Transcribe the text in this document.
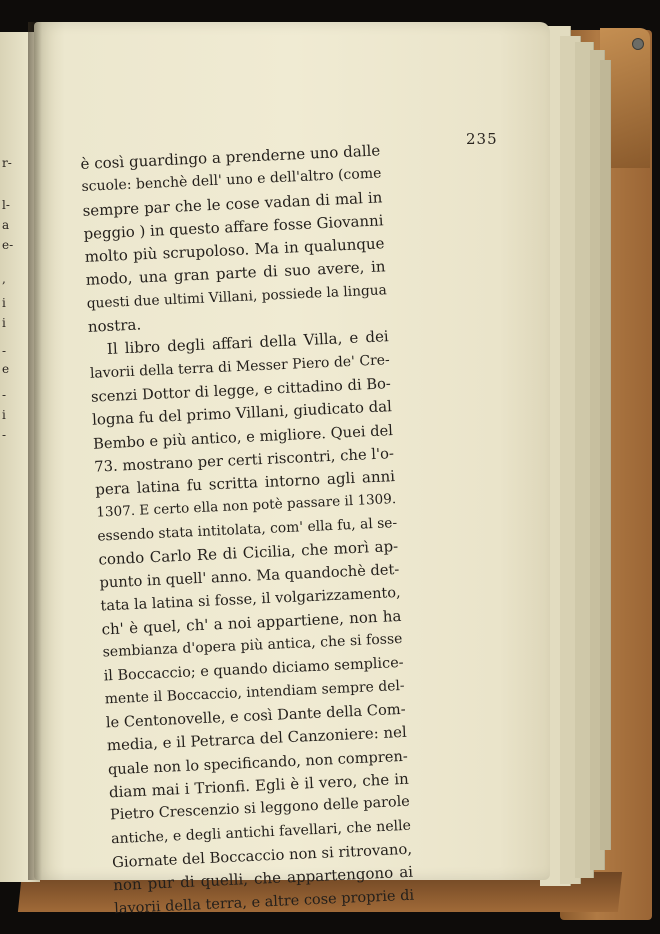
r-
l-
a
e-
,
i
i
-
e
-
i
-
235
è così guardingo a prenderne uno dalle
scuole: benchè dell' uno e dell'altro (come
sempre par che le cose vadan di mal in
peggio ) in questo affare fosse Giovanni
molto più scrupoloso. Ma in qualunque
modo, una gran parte di suo avere, in
questi due ultimi Villani, possiede la lingua
nostra.
Il libro degli affari della Villa, e dei
lavorii della terra di Messer Piero de' Cre-
scenzi Dottor di legge, e cittadino di Bo-
logna fu del primo Villani, giudicato dal
Bembo e più antico, e migliore. Quei del
73. mostrano per certi riscontri, che l'o-
pera latina fu scritta intorno agli anni
1307. E certo ella non potè passare il 1309.
essendo stata intitolata, com' ella fu, al se-
condo Carlo Re di Cicilia, che morì ap-
punto in quell' anno. Ma quandochè det-
tata la latina si fosse, il volgarizzamento,
ch' è quel, ch' a noi appartiene, non ha
sembianza d'opera più antica, che si fosse
il Boccaccio; e quando diciamo semplice-
mente il Boccaccio, intendiam sempre del-
le Centonovelle, e così Dante della Com-
media, e il Petrarca del Canzoniere: nel
quale non lo specificando, non compren-
diam mai i Trionfi. Egli è il vero, che in
Pietro Crescenzio si leggono delle parole
antiche, e degli antichi favellari, che nelle
Giornate del Boccaccio non si ritrovano,
non pur di quelli, che appartengono ai
lavorii della terra, e altre cose proprie di
